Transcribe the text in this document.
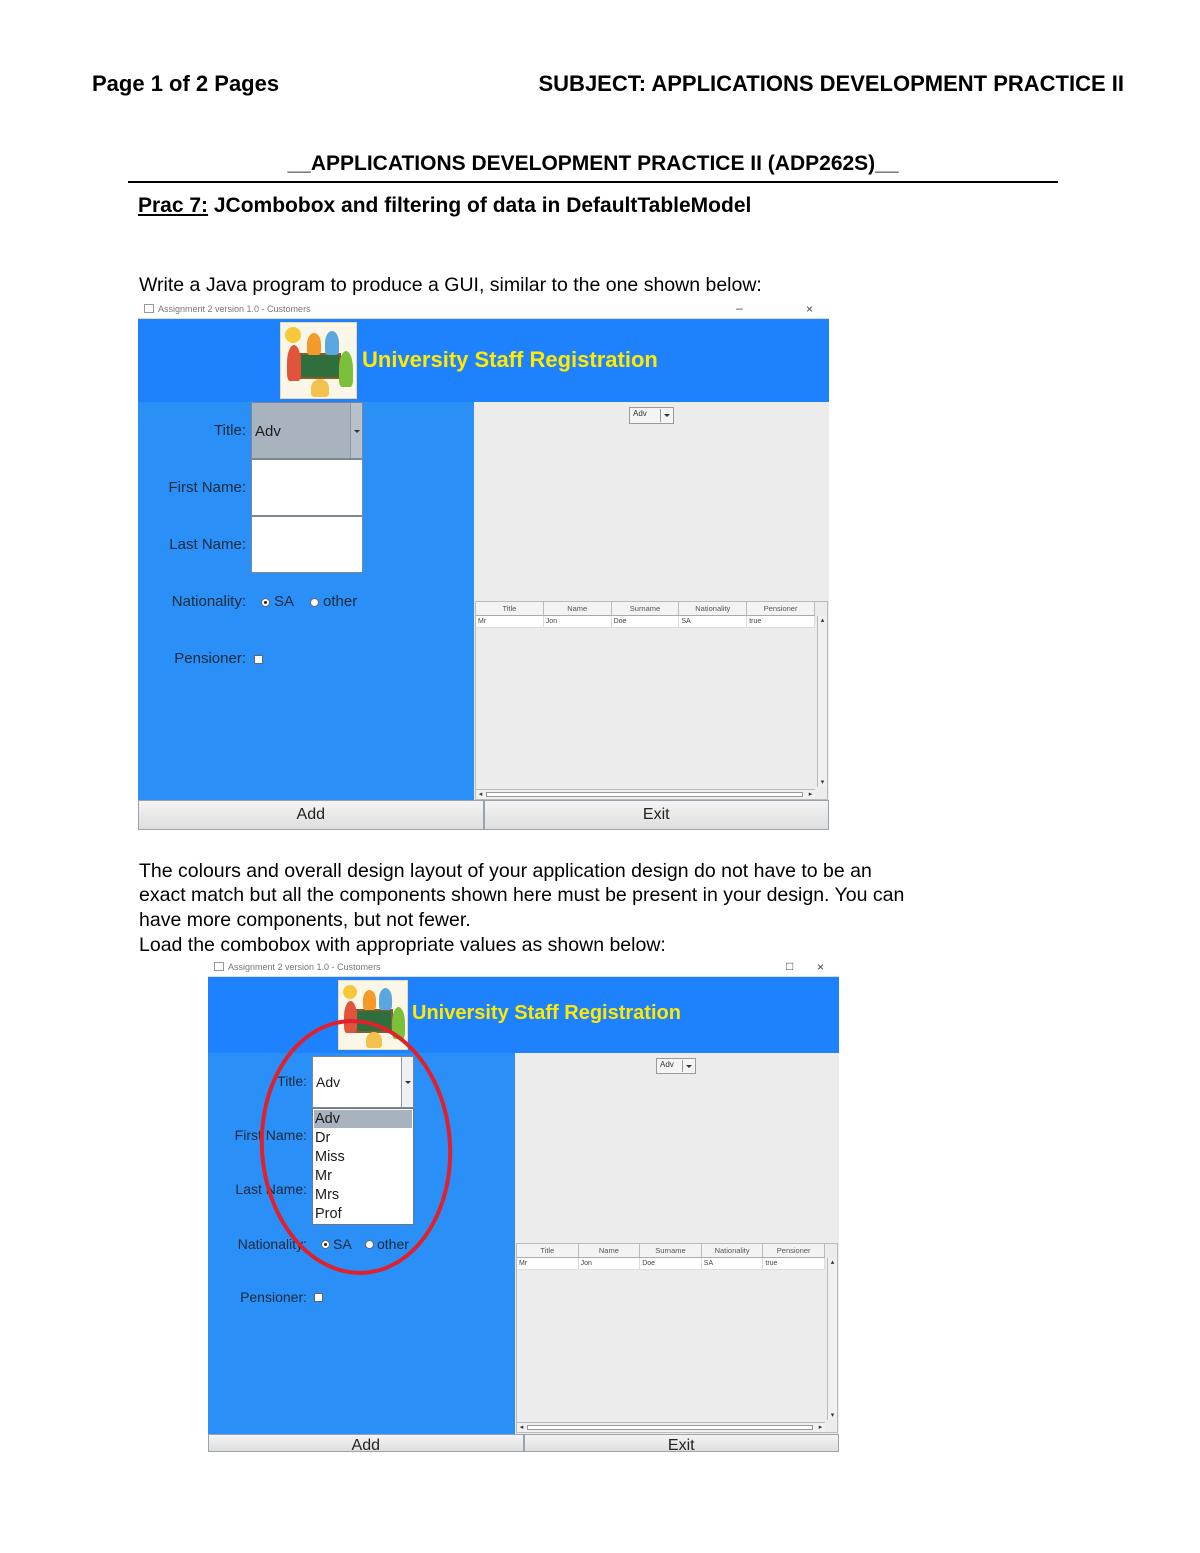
Page 1 of 2 Pages	SUBJECT: APPLICATIONS DEVELOPMENT PRACTICE II
__APPLICATIONS DEVELOPMENT PRACTICE II (ADP262S)__
Prac 7: JCombobox and filtering of data in DefaultTableModel
Write a Java program to produce a GUI, similar to the one shown below:
Assignment 2 version 1.0 - Customers	–	×
University Staff Registration
Title: Adv
First Name:
Last Name:
Nationality: SA other
Pensioner:
Adv
Title	Name	Surname	Nationality	Pensioner
Mr	Jon	Doe	SA	true	▴
▾
◂	▸
Add	Exit
The colours and overall design layout of your application design do not have to be an
exact match but all the components shown here must be present in your design. You can
have more components, but not fewer.
Load the combobox with appropriate values as shown below:
Assignment 2 version 1.0 - Customers	□ ×
University Staff Registration
Title: Adv
First Name:
Last Name:
Nationality: SA other
Pensioner:
Adv
Dr
Miss
Mr
Mrs
Prof
Adv
Title	Name	Surname	Nationality	Pensioner
Mr	Jon	Doe	SA	true	▴
▾
◂	▸
Add	Exit
